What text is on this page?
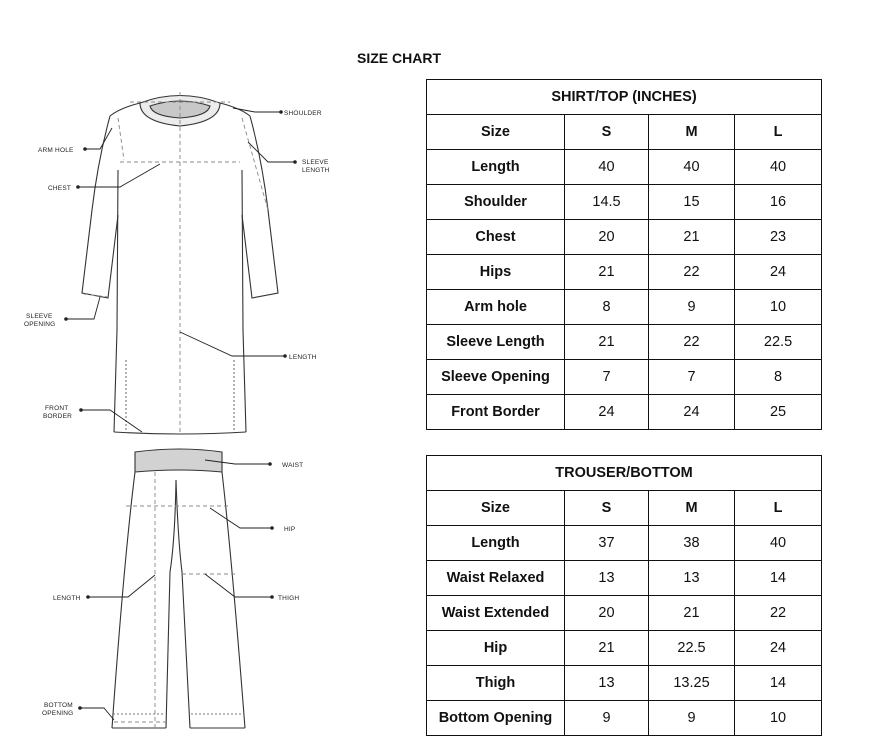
SIZE CHART
SHOULDER
ARM HOLE
SLEEVE
LENGTH
CHEST
SLEEVE
OPENING
LENGTH
FRONT
BORDER
WAIST
HIP
LENGTH	THIGH
BOTTOM
OPENING
SHIRT/TOP (INCHES)			
Size	S	M	L
Length	40	40	40
Shoulder	14.5	15	16
Chest	20	21	23
Hips	21	22	24
Arm hole	8	9	10
Sleeve Length	21	22	22.5
Sleeve Opening	7	7	8
Front Border	24	24	25
TROUSER/BOTTOM			
Size	S	M	L
Length	37	38	40
Waist Relaxed	13	13	14
Waist Extended	20	21	22
Hip	21	22.5	24
Thigh	13	13.25	14
Bottom Opening	9	9	10
